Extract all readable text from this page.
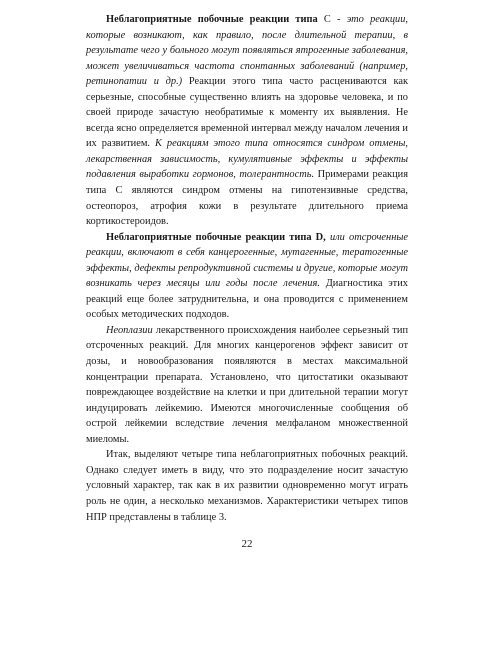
Неблагоприятные побочные реакции типа С - это реакции, которые возникают, как правило, после длительной терапии, в результате чего у больного могут появляться ятрогенные заболевания, может увеличиваться частота спонтанных заболеваний (например, ретинопатии и др.) Реакции этого типа часто расцениваются как серьезные, способные существенно влиять на здоровье человека, и по своей природе зачастую необратимые к моменту их выявления. Не всегда ясно определяется временной интервал между началом лечения и их развитием. К реакциям этого типа относятся синдром отмены, лекарственная зависимость, кумулятивные эффекты и эффекты подавления выработки гормонов, толерантность. Примерами реакция типа С являются синдром отмены на гипотензивные средства, остеопороз, атрофия кожи в результате длительного приема кортикостероидов.

Неблагоприятные побочные реакции типа D, или отсроченные реакции, включают в себя канцерогенные, мутагенные, тератогенные эффекты, дефекты репродуктивной системы и другие, которые могут возникать через месяцы или годы после лечения. Диагностика этих реакций еще более затруднительна, и она проводится с применением особых методических подходов.

Неоплазии лекарственного происхождения наиболее серьезный тип отсроченных реакций. Для многих канцерогенов эффект зависит от дозы, и новообразования появляются в местах максимальной концентрации препарата. Установлено, что цитостатики оказывают повреждающее воздействие на клетки и при длительной терапии могут индуцировать лейкемию. Имеются многочисленные сообщения об острой лейкемии вследствие лечения мелфаланом множественной миеломы.

Итак, выделяют четыре типа неблагоприятных побочных реакций. Однако следует иметь в виду, что это подразделение носит зачастую условный характер, так как в их развитии одновременно могут играть роль не один, а несколько механизмов. Характеристики четырех типов НПР представлены в таблице 3.

22
